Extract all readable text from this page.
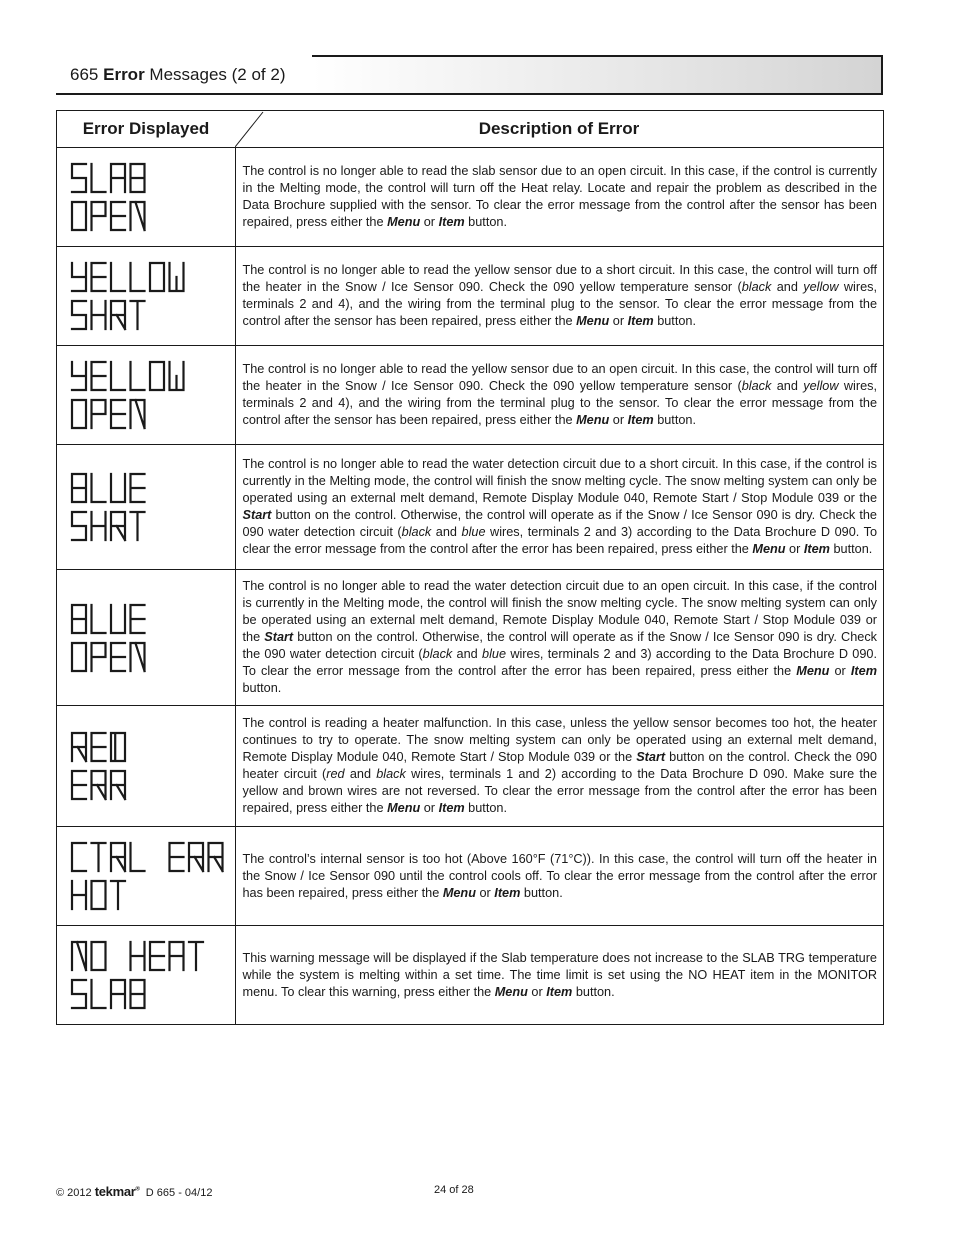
665 Error Messages (2 of 2)
Error Displayed	Description of Error

	The control is no longer able to read the slab sensor due to an open circuit. In this case, if the control is currently in the Melting mode, the control will turn off the Heat relay. Locate and repair the problem as described in the Data Brochure supplied with the sensor. To clear the error message from the control after the sensor has been repaired, press either the Menu or Item button.

	The control is no longer able to read the yellow sensor due to a short circuit. In this case, the control will turn off the heater in the Snow / Ice Sensor 090. Check the 090 yellow temperature sensor (black and yellow wires, terminals 2 and 4), and the wiring from the terminal plug to the sensor. To clear the error message from the control after the sensor has been repaired, press either the Menu or Item button.

	The control is no longer able to read the yellow sensor due to an open circuit. In this case, the control will turn off the heater in the Snow / Ice Sensor 090. Check the 090 yellow temperature sensor (black and yellow wires, terminals 2 and 4), and the wiring from the terminal plug to the sensor. To clear the error message from the control after the sensor has been repaired, press either the Menu or Item button.

	The control is no longer able to read the water detection circuit due to a short circuit. In this case, if the control is currently in the Melting mode, the control will finish the snow melting cycle. The snow melting system can only be operated using an external melt demand, Remote Display Module 040, Remote Start / Stop Module 039 or the Start button on the control. Otherwise, the control will operate as if the Snow / Ice Sensor 090 is dry. Check the 090 water detection circuit (black and blue wires, terminals 2 and 3) according to the Data Brochure D 090. To clear the error message from the control after the error has been repaired, press either the Menu or Item button.

	The control is no longer able to read the water detection circuit due to an open circuit. In this case, if the control is currently in the Melting mode, the control will finish the snow melting cycle. The snow melting system can only be operated using an external melt demand, Remote Display Module 040, Remote Start / Stop Module 039 or the Start button on the control. Otherwise, the control will operate as if the Snow / Ice Sensor 090 is dry. Check the 090 water detection circuit (black and blue wires, terminals 2 and 3) according to the Data Brochure D 090. To clear the error message from the control after the error has been repaired, press either the Menu or Item button.

	The control is reading a heater malfunction. In this case, unless the yellow sensor becomes too hot, the heater continues to try to operate. The snow melting system can only be operated using an external melt demand, Remote Display Module 040, Remote Start / Stop Module 039 or the Start button on the control. Check the 090 heater circuit (red and black wires, terminals 1 and 2) according to the Data Brochure D 090. Make sure the yellow and brown wires are not reversed. To clear the error message from the control after the error has been repaired, press either the Menu or Item button.

	The control’s internal sensor is too hot (Above 160°F (71°C)). In this case, the control will turn off the heater in the Snow / Ice Sensor 090 until the control cools off. To clear the error message from the control after the error has been repaired, press either the Menu or Item button.

	This warning message will be displayed if the Slab temperature does not increase to the SLAB TRG temperature while the system is melting within a set time. The time limit is set using the NO HEAT item in the MONITOR menu. To clear this warning, press either the Menu or Item button.
© 2012 tekmar® D 665 - 04/12	24 of 28
